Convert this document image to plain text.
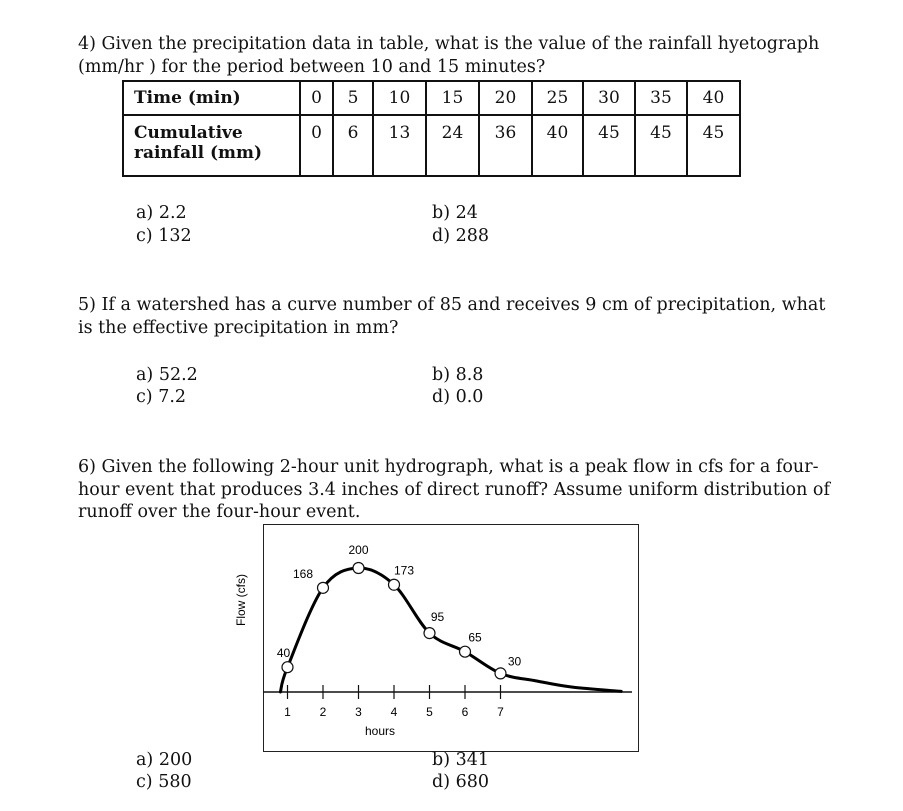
4) Given the precipitation data in table, what is the value of the rainfall hyetograph
(mm/hr ) for the period between 10 and 15 minutes?
Time (min)	0	5	10	15	20	25	30	35	40

Cumulative
rainfall (mm)	0	6	13	24	36	40	45	45	45
a) 2.2
c) 132
b) 24
d) 288
5) If a watershed has a curve number of 85 and receives 9 cm of precipitation, what
is the effective precipitation in mm?
a) 52.2
c) 7.2
b) 8.8
d) 0.0
6) Given the following 2-hour unit hydrograph, what is a peak flow in cfs for a four-
hour event that produces 3.4 inches of direct runoff? Assume uniform distribution of
runoff over the four-hour event.
1 2 3 4 5 6 7
40
168
200
173
95
65
30
hours
Flow (cfs)
a) 200
c) 580
b) 341
d) 680
